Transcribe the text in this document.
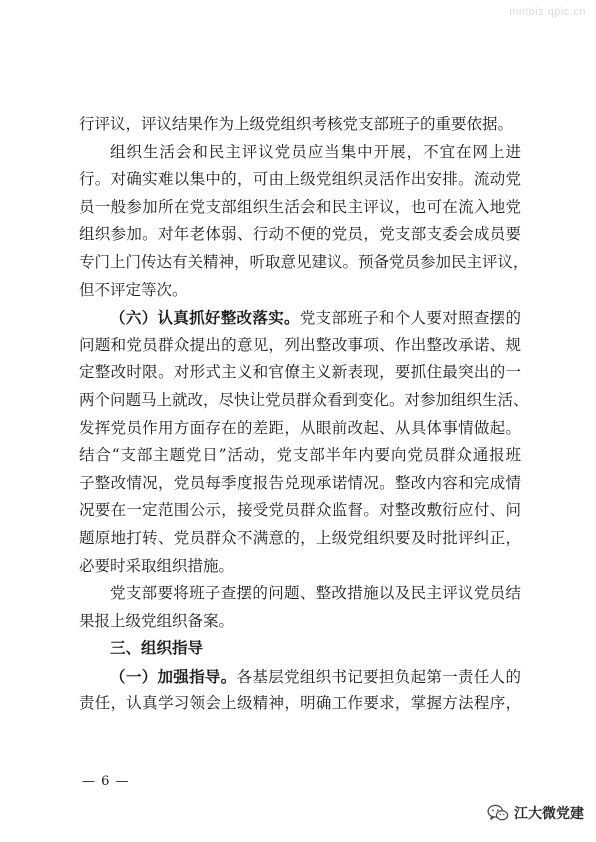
mmbiz.qpic.cn
行评议，评议结果作为上级党组织考核党支部班子的重要依据。
组织生活会和民主评议党员应当集中开展，不宜在网上进
行。对确实难以集中的，可由上级党组织灵活作出安排。流动党
员一般参加所在党支部组织生活会和民主评议，也可在流入地党
组织参加。对年老体弱、行动不便的党员，党支部支委会成员要
专门上门传达有关精神，听取意见建议。预备党员参加民主评议，
但不评定等次。
（六）认真抓好整改落实。党支部班子和个人要对照查摆的
问题和党员群众提出的意见，列出整改事项、作出整改承诺、规
定整改时限。对形式主义和官僚主义新表现，要抓住最突出的一
两个问题马上就改，尽快让党员群众看到变化。对参加组织生活、
发挥党员作用方面存在的差距，从眼前改起、从具体事情做起。
结合“支部主题党日”活动，党支部半年内要向党员群众通报班
子整改情况，党员每季度报告兑现承诺情况。整改内容和完成情
况要在一定范围公示，接受党员群众监督。对整改敷衍应付、问
题原地打转、党员群众不满意的，上级党组织要及时批评纠正，
必要时采取组织措施。
党支部要将班子查摆的问题、整改措施以及民主评议党员结
果报上级党组织备案。
三、组织指导
（一）加强指导。各基层党组织书记要担负起第一责任人的
责任，认真学习领会上级精神，明确工作要求，掌握方法程序，
— 6 —
江大微党建
